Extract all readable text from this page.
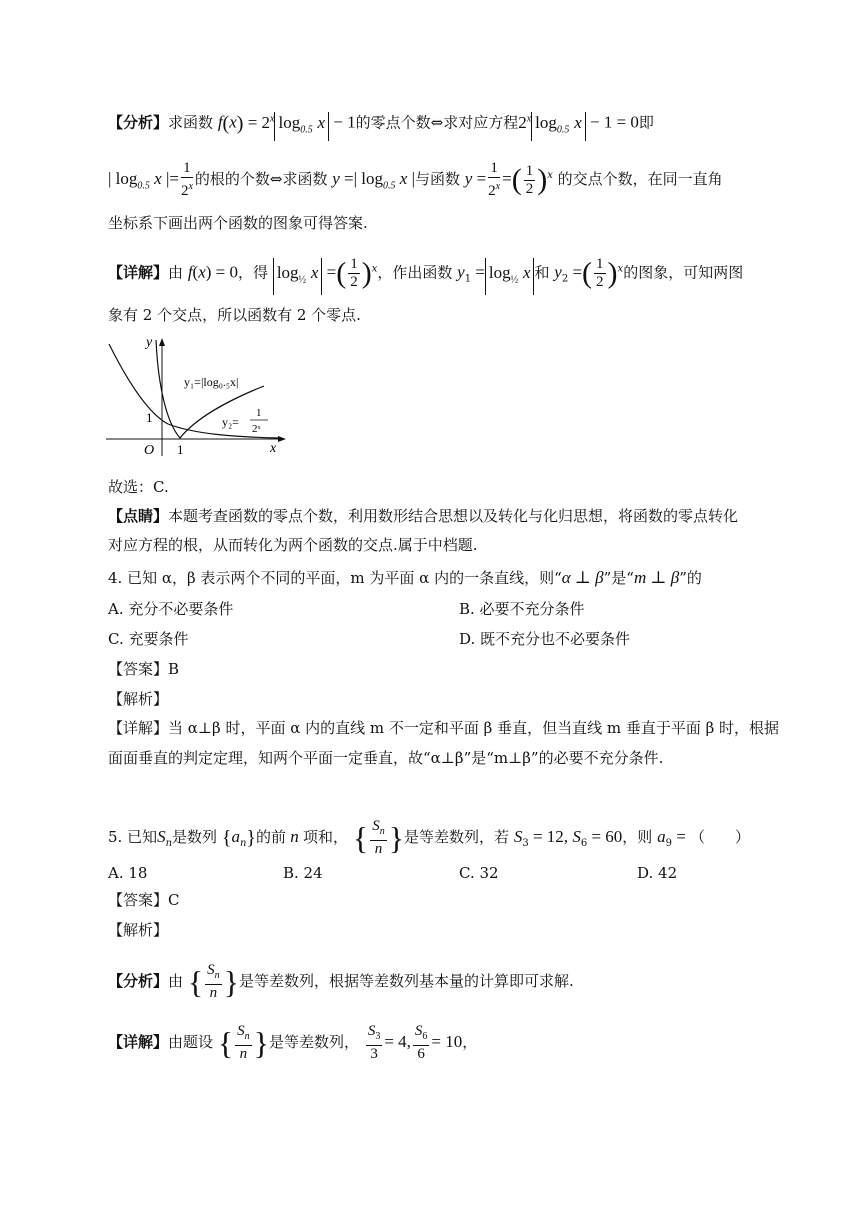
【分析】求函数 $f(x) = 2^x$ $\log_{0.5} x - 1$的零点个数⇔求对应方程2$^x$ $\log_{0.5} x - 1 = 0$即
| $\log_{0.5} x$ |= $\frac{1}{2^x}$ 的根的个数⇔求函数 y =| $\log_{0.5} x$ |与函数 $y = \frac{1}{2^x}$ =( $\frac{1}{2} )^x$ 的交点个数，在同一直角
坐标系下画出两个函数的图象可得答案.
【详解】由 f(x) = 0，得 $\log_{\frac{1}{2}} x$ =( $\frac{1}{2} )^x$，作出函数 $y_1 = \log_{\frac{1}{2}} x$ 和 $y_2$ =( $\frac{1}{2} )^x$的图象，可知两图
象有 2 个交点，所以函数有 2 个零点.
y
x
O 1
1
y₁=|log₀.₅x|
y₂=
1
2ˣ
故选：C.
【点睛】本题考查函数的零点个数，利用数形结合思想以及转化与化归思想，将函数的零点转化
对应方程的根，从而转化为两个函数的交点.属于中档题.
4. 已知 α，β 表示两个不同的平面，m 为平面 α 内的一条直线，则“α ⊥ β”是“m ⊥ β”的
A. 充分不必要条件	B. 必要不充分条件
C. 充要条件	D. 既不充分也不必要条件
【答案】B
【解析】
【详解】当 α⊥β 时，平面 α 内的直线 m 不一定和平面 β 垂直，但当直线 m 垂直于平面 β 时，根据
面面垂直的判定定理，知两个平面一定垂直，故“α⊥β”是“m⊥β”的必要不充分条件.
5. 已知$S_n$是数列 $\{a_n\}$的前 n 项和， { $\frac{S_n}{n}$ }是等差数列，若 $S_3 = 12$, $S_6 = 60$，则 $a_9$ = （　　）
A. 18	B. 24	C. 32	D. 42
【答案】C
【解析】
【分析】由 { $\frac{S_n}{n}$ }是等差数列，根据等差数列基本量的计算即可求解.
【详解】由题设 { $\frac{S_n}{n}$ }是等差数列， $\frac{S_3}{3} = 4$, $\frac{S_6}{6} = 10$，
